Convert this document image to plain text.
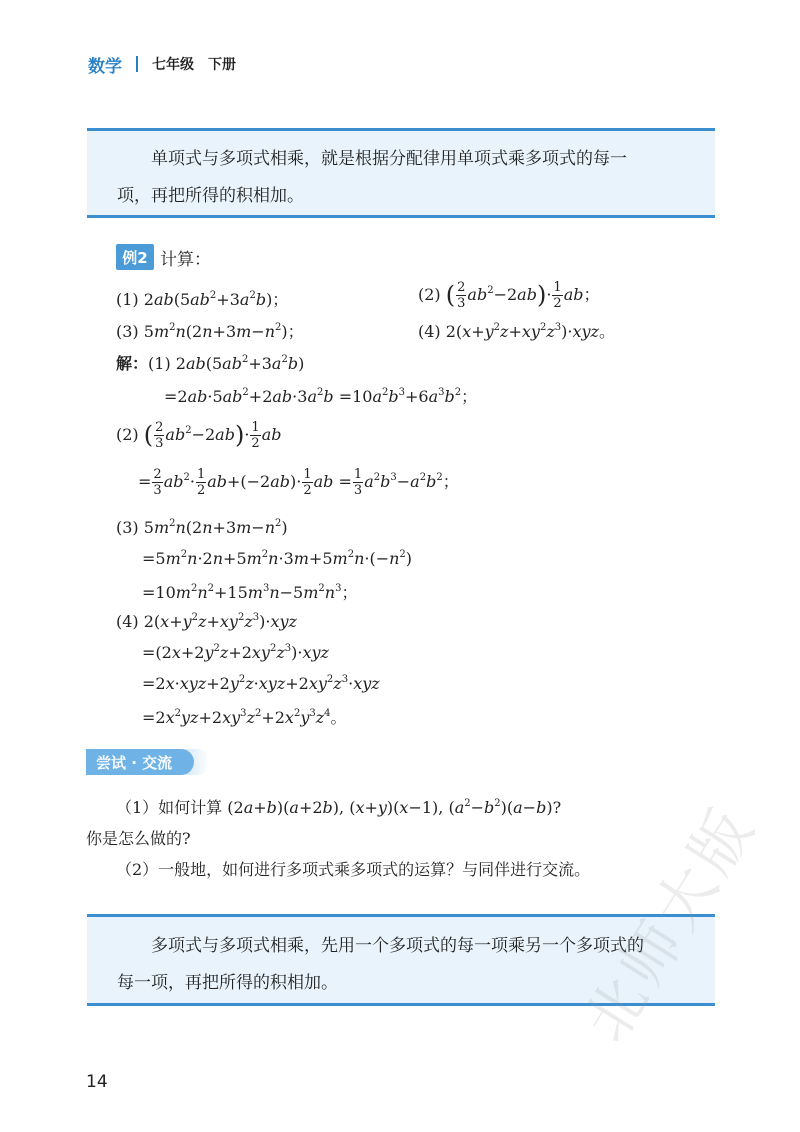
数学 七年级 下册
单项式与多项式相乘，就是根据分配律用单项式乘多项式的每一
项，再把所得的积相加。
例2 计算：
(1) $2ab(5ab^2+3a^2b)$；	(2) ( $\frac{2}{3} ab^2-2ab)\cdot \frac{1}{2}$ ab；
(3) $5m^2n(2n+3m-n^2)$；	(4) $2(x+y^2z+xy^2z^3)\cdot xyz$。
解：(1) $2ab(5ab^2+3a^2b)$
$=2ab\cdot 5ab^2+2ab\cdot 3a^2b =10a^2b^3+6a^3b^2$；
(2) ( $\frac{2}{3} ab^2-2ab)\cdot \frac{1}{2}$ ab
= $\frac{2}{3} ab^2\cdot \frac{1}{2} ab+(-2ab)\cdot \frac{1}{2}$ ab = $\frac{1}{3} a^2b^3-a^2b^2$；
(3) $5m^2n(2n+3m-n^2)$
$=5m^2n\cdot 2n+5m^2n\cdot 3m+5m^2n\cdot(-n^2)$
$=10m^2n^2+15m^3n-5m^2n^3$；
(4) $2(x+y^2z+xy^2z^3)\cdot xyz$
$=(2x+2y^2z+2xy^2z^3)\cdot xyz$
$=2x\cdot xyz+2y^2z\cdot xyz+2xy^2z^3\cdot xyz$
$=2x^2yz+2xy^3z^2+2x^2y^3z^4$。
尝试 · 交流
（1）如何计算 (2a+b)(a+2b), (x+y)(x−1), $(a^2-b^2)(a-b)$?
你是怎么做的?
（2）一般地，如何进行多项式乘多项式的运算？与同伴进行交流。
多项式与多项式相乘，先用一个多项式的每一项乘另一个多项式的
每一项，再把所得的积相加。
14
北师大版
